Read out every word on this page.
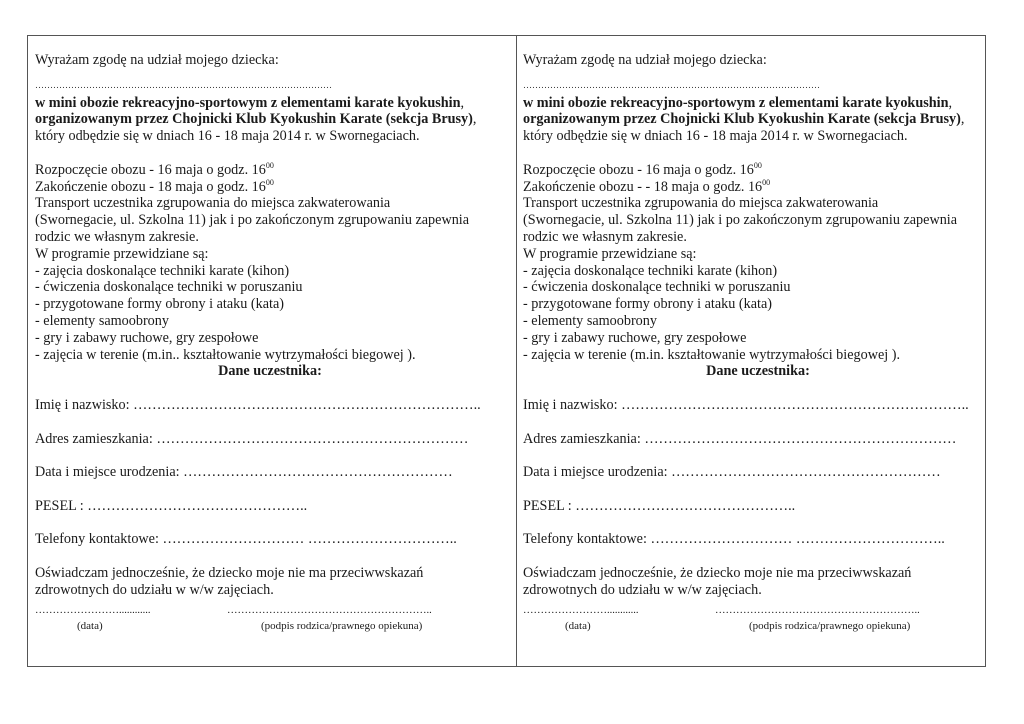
Wyrażam zgodę na udział mojego dziecka:
………………………………………………………………………………………
w mini obozie rekreacyjno-sportowym z elementami karate kyokushin,
organizowanym przez Chojnicki Klub Kyokushin Karate (sekcja Brusy),
który odbędzie się w dniach 16 - 18 maja 2014 r. w Swornegaciach.
Rozpoczęcie obozu - 16 maja o godz. $16^{00}$
Zakończenie obozu - 18 maja o godz. $16^{00}$
Transport uczestnika zgrupowania do miejsca zakwaterowania
(Swornegacie, ul. Szkolna 11) jak i po zakończonym zgrupowaniu zapewnia
rodzic we własnym zakresie.
W programie przewidziane są:
- zajęcia doskonalące techniki karate (kihon)
- ćwiczenia doskonalące techniki w poruszaniu
- przygotowane formy obrony i ataku (kata)
- elementy samoobrony
- gry i zabawy ruchowe, gry zespołowe
- zajęcia w terenie (m.in.. kształtowanie wytrzymałości biegowej ).
Dane uczestnika:
Imię i nazwisko: ………………………………………………………………..
Adres zamieszkania: …………………………………………………………
Data i miejsce urodzenia: …………………………………………………
PESEL : ………………………………………..
Telefony kontaktowe: ………………………… …………………………..
Oświadczam jednocześnie, że dziecko moje nie ma przeciwwskazań
zdrowotnych do udziału w w/w zajęciach.
……………………............	…………………………………………………..
(data)	(podpis rodzica/prawnego opiekuna)
Wyrażam zgodę na udział mojego dziecka:
………………………………………………………………………………………
w mini obozie rekreacyjno-sportowym z elementami karate kyokushin,
organizowanym przez Chojnicki Klub Kyokushin Karate (sekcja Brusy),
który odbędzie się w dniach 16 - 18 maja 2014 r. w Swornegaciach.
Rozpoczęcie obozu - 16 maja o godz. $16^{00}$
Zakończenie obozu - - 18 maja o godz. $16^{00}$
Transport uczestnika zgrupowania do miejsca zakwaterowania
(Swornegacie, ul. Szkolna 11) jak i po zakończonym zgrupowaniu zapewnia
rodzic we własnym zakresie.
W programie przewidziane są:
- zajęcia doskonalące techniki karate (kihon)
- ćwiczenia doskonalące techniki w poruszaniu
- przygotowane formy obrony i ataku (kata)
- elementy samoobrony
- gry i zabawy ruchowe, gry zespołowe
- zajęcia w terenie (m.in. kształtowanie wytrzymałości biegowej ).
Dane uczestnika:
Imię i nazwisko: ………………………………………………………………..
Adres zamieszkania: …………………………………………………………
Data i miejsce urodzenia: …………………………………………………
PESEL : ………………………………………..
Telefony kontaktowe: ………………………… …………………………..
Oświadczam jednocześnie, że dziecko moje nie ma przeciwwskazań
zdrowotnych do udziału w w/w zajęciach.
……………………............	…………………………………………………..
(data)	(podpis rodzica/prawnego opiekuna)
